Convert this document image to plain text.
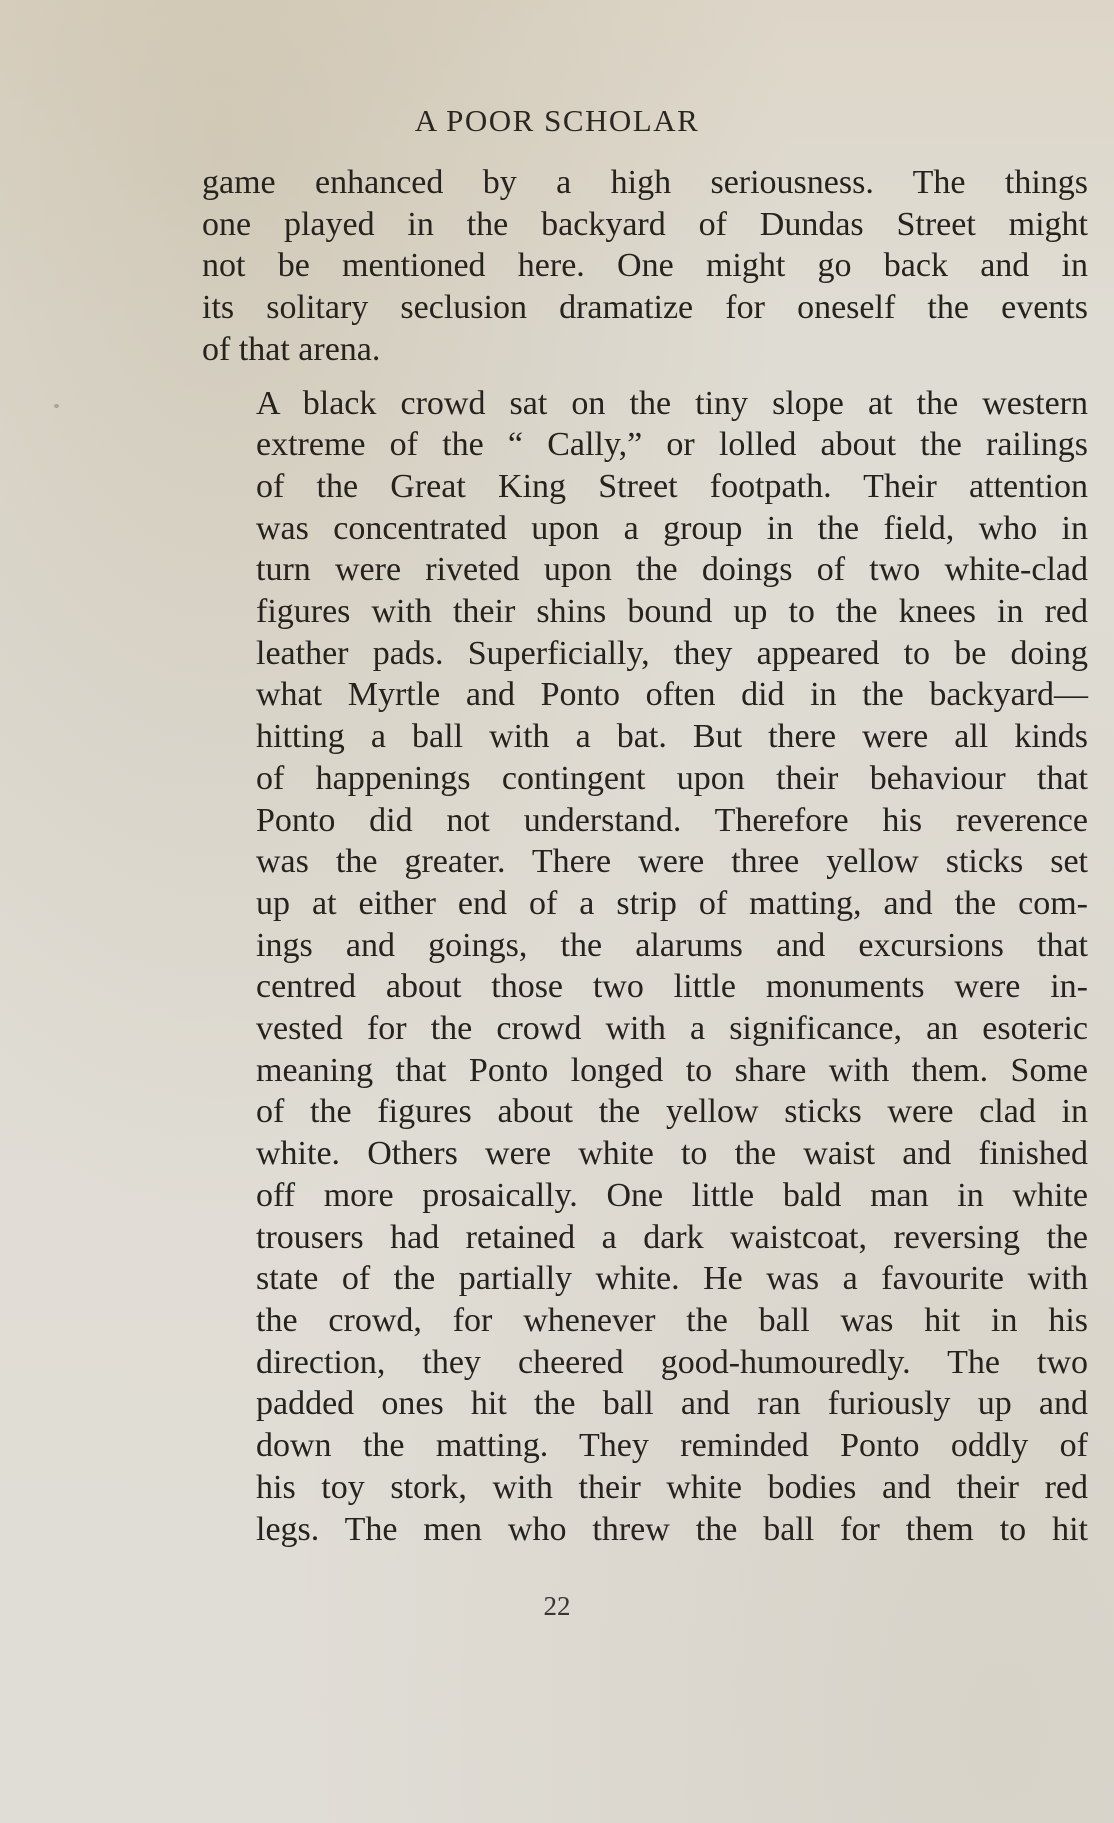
A POOR SCHOLAR

game enhanced by a high seriousness. The things
one played in the backyard of Dundas Street might
not be mentioned here. One might go back and in
its solitary seclusion dramatize for oneself the events
of that arena.

A black crowd sat on the tiny slope at the western
extreme of the “ Cally,” or lolled about the railings
of the Great King Street footpath. Their attention
was concentrated upon a group in the field, who in
turn were riveted upon the doings of two white-clad
figures with their shins bound up to the knees in red
leather pads. Superficially, they appeared to be doing
what Myrtle and Ponto often did in the backyard—
hitting a ball with a bat. But there were all kinds
of happenings contingent upon their behaviour that
Ponto did not understand. Therefore his reverence
was the greater. There were three yellow sticks set
up at either end of a strip of matting, and the com-
ings and goings, the alarums and excursions that
centred about those two little monuments were in-
vested for the crowd with a significance, an esoteric
meaning that Ponto longed to share with them. Some
of the figures about the yellow sticks were clad in
white. Others were white to the waist and finished
off more prosaically. One little bald man in white
trousers had retained a dark waistcoat, reversing the
state of the partially white. He was a favourite with
the crowd, for whenever the ball was hit in his
direction, they cheered good-humouredly. The two
padded ones hit the ball and ran furiously up and
down the matting. They reminded Ponto oddly of
his toy stork, with their white bodies and their red
legs. The men who threw the ball for them to hit

22
